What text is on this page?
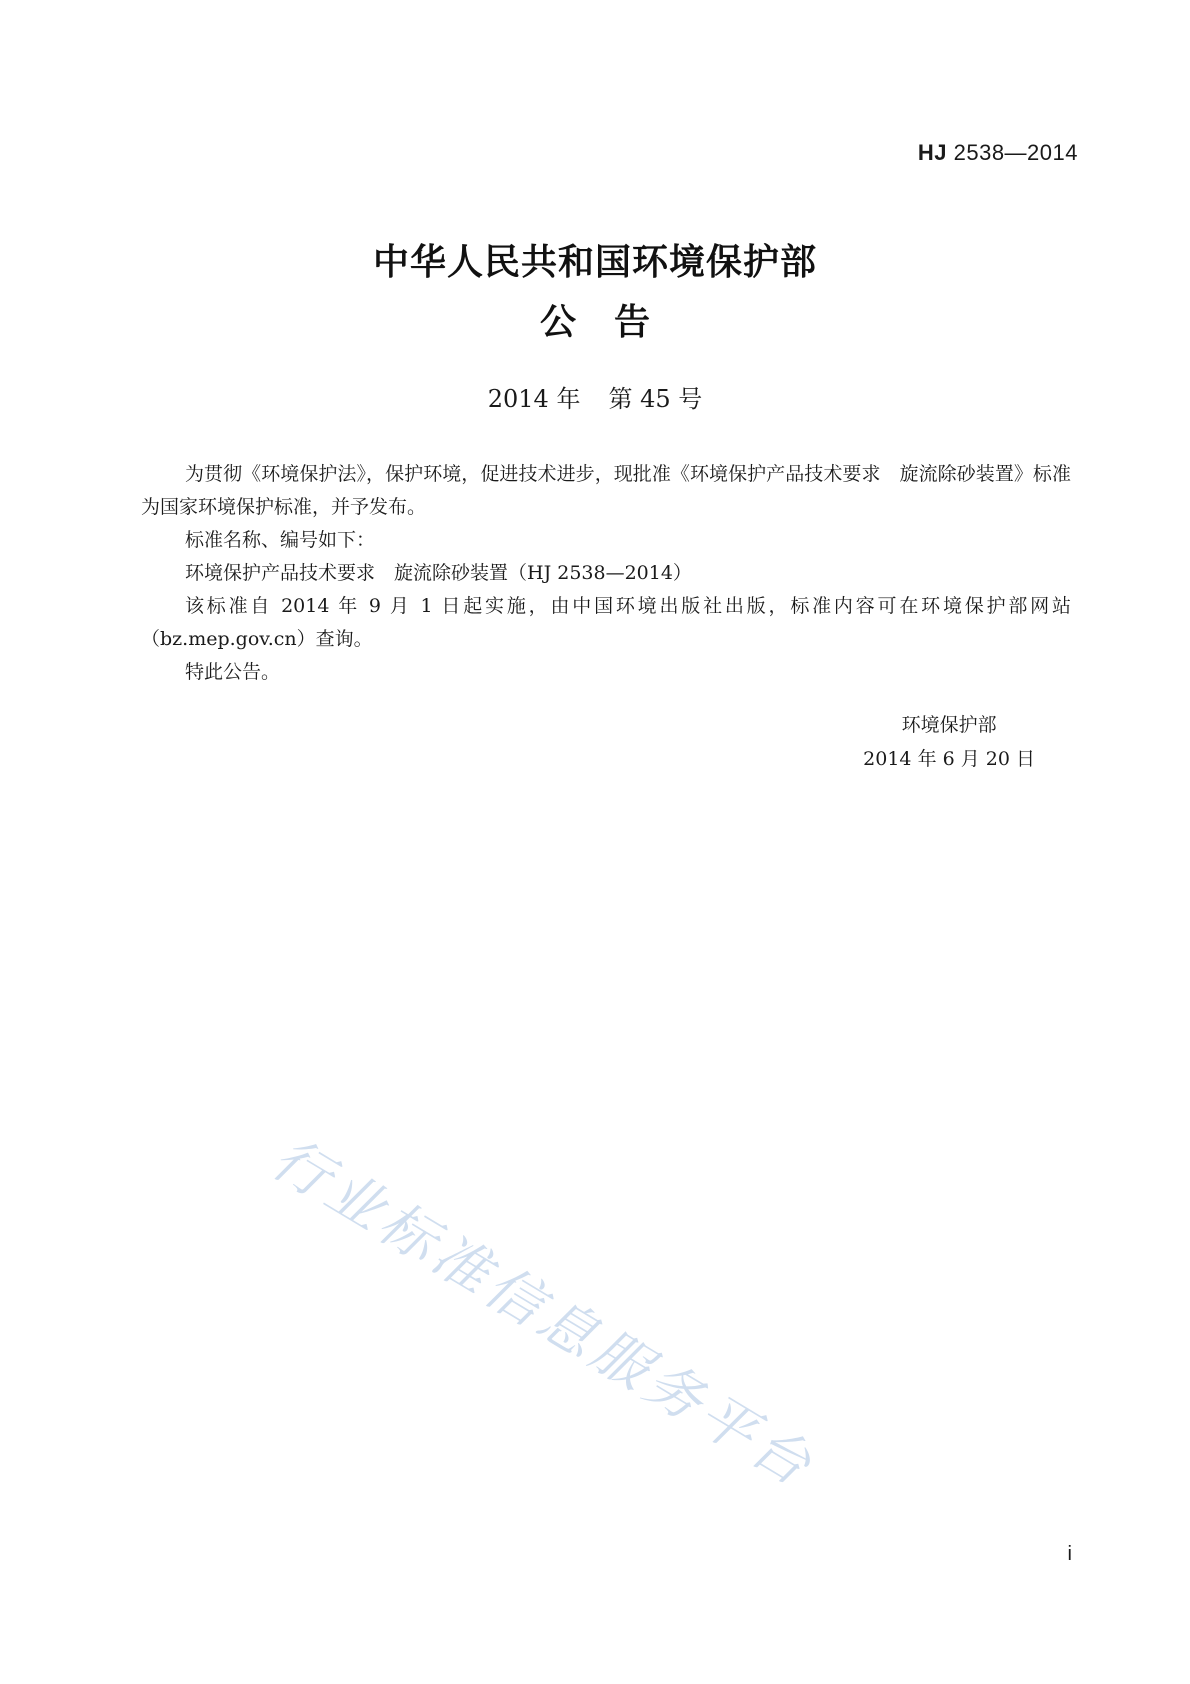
HJ 2538—2014
中华人民共和国环境保护部
公告
2014 年 第 45 号

为贯彻《环境保护法》，保护环境，促进技术进步，现批准《环境保护产品技术要求　旋流除砂装置》标准为国家环境保护标准，并予发布。

标准名称、编号如下：

环境保护产品技术要求　旋流除砂装置（HJ 2538—2014）

该标准自 2014 年 9 月 1 日起实施，由中国环境出版社出版，标准内容可在环境保护部网站（bz.mep.gov.cn）查询。

特此公告。

环境保护部
2014 年 6 月 20 日
行业标准信息服务平台
i
